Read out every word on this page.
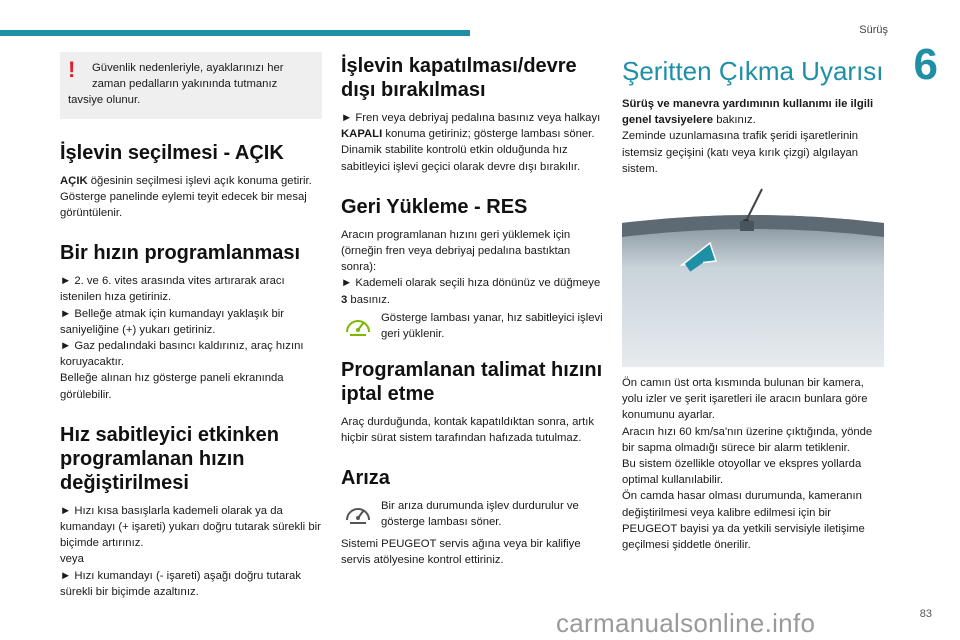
Sürüş
6
!	Güvenlik nedenleriyle, ayaklarınızı her
zaman pedalların yakınında tutmanız
tavsiye olunur.
İşlevin seçilmesi - AÇIK

AÇIK öğesinin seçilmesi işlevi açık konuma getirir. Gösterge panelinde eylemi teyit edecek bir mesaj görüntülenir.

Bir hızın programlanması

► 2. ve 6. vites arasında vites artırarak aracı istenilen hıza getiriniz.

► Belleğe atmak için kumandayı yaklaşık bir saniyeliğine (+) yukarı getiriniz.

► Gaz pedalındaki basıncı kaldırınız, araç hızını koruyacaktır.

Belleğe alınan hız gösterge paneli ekranında görülebilir.

Hız sabitleyici etkinken programlanan hızın değiştirilmesi

► Hızı kısa basışlarla kademeli olarak ya da kumandayı (+ işareti) yukarı doğru tutarak sürekli bir biçimde artırınız.

veya

► Hızı kumandayı (- işareti) aşağı doğru tutarak sürekli bir biçimde azaltınız.

İşlevin kapatılması/devre dışı bırakılması

► Fren veya debriyaj pedalına basınız veya halkayı KAPALI konuma getiriniz; gösterge lambası söner.

Dinamik stabilite kontrolü etkin olduğunda hız sabitleyici işlevi geçici olarak devre dışı bırakılır.

Geri Yükleme - RES

Aracın programlanan hızını geri yüklemek için (örneğin fren veya debriyaj pedalına bastıktan sonra):

► Kademeli olarak seçili hıza dönünüz ve düğmeye 3 basınız.

Gösterge lambası yanar, hız sabitleyici işlevi geri yüklenir.

Programlanan talimat hızını iptal etme

Araç durduğunda, kontak kapatıldıktan sonra, artık hiçbir sürat sistem tarafından hafızada tutulmaz.

Arıza

Bir arıza durumunda işlev durdurulur ve gösterge lambası söner.

Sistemi PEUGEOT servis ağına veya bir kalifiye servis atölyesine kontrol ettiriniz.

Şeritten Çıkma Uyarısı

Sürüş ve manevra yardımının kullanımı ile ilgili genel tavsiyelere bakınız.

Zeminde uzunlamasına trafik şeridi işaretlerinin istemsiz geçişini (katı veya kırık çizgi) algılayan sistem.

Ön camın üst orta kısmında bulunan bir kamera, yolu izler ve şerit işaretleri ile aracın bunlara göre konumunu ayarlar.

Aracın hızı 60 km/sa'nın üzerine çıktığında, yönde bir sapma olmadığı sürece bir alarm tetiklenir.

Bu sistem özellikle otoyollar ve ekspres yollarda optimal kullanılabilir.

Ön camda hasar olması durumunda, kameranın değiştirilmesi veya kalibre edilmesi için bir PEUGEOT bayisi ya da yetkili servisiyle iletişime geçilmesi şiddetle önerilir.

carmanualsonline.info	83
